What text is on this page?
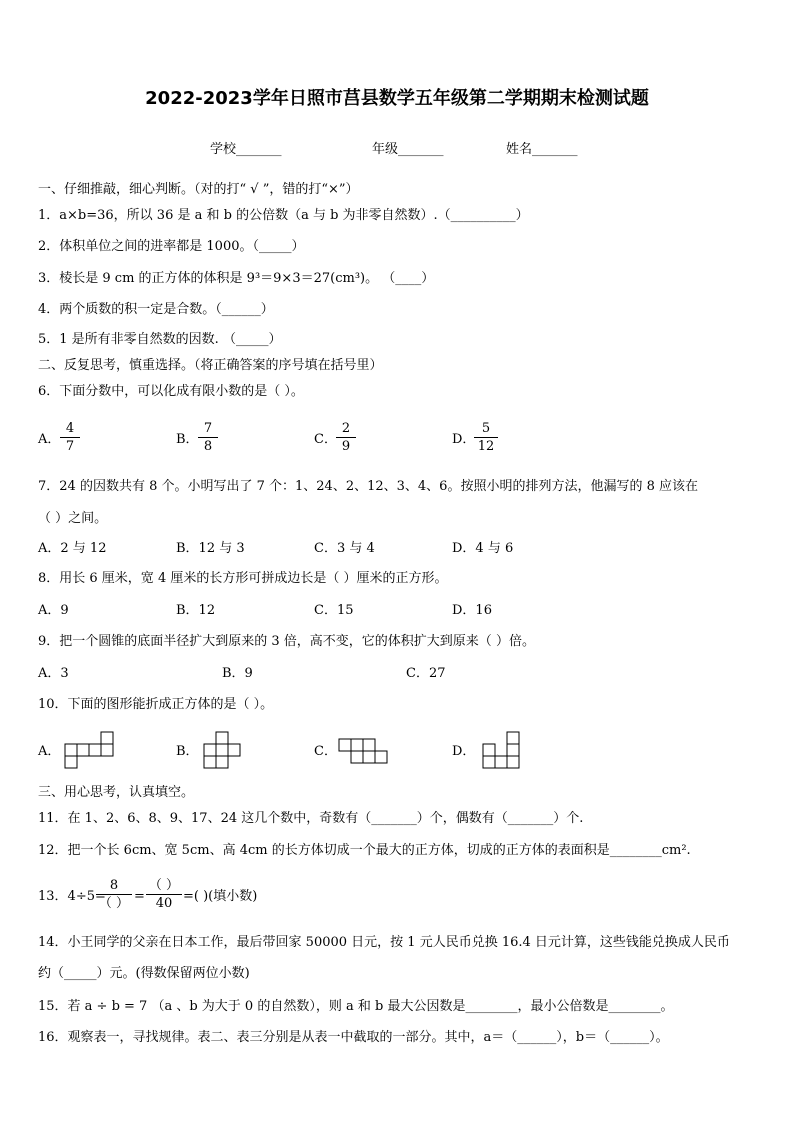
2022-2023学年日照市莒县数学五年级第二学期期末检测试题
学校_______	年级_______	姓名_______
一、仔细推敲，细心判断。（对的打“ √ ”，错的打“×”）
1．a×b=36，所以 36 是 a 和 b 的公倍数（a 与 b 为非零自然数）.（__________）
2．体积单位之间的进率都是 1000。（_____）
3．棱长是 9 cm 的正方体的体积是 9³＝9×3＝27(cm³)。 （____）
4．两个质数的积一定是合数。（______）
5．1 是所有非零自然数的因数. （_____）
二、反复思考，慎重选择。（将正确答案的序号填在括号里）
6．下面分数中，可以化成有限小数的是（ ）。
A．
4
7	B．
7
8	C．
2
9	D．
5
12
7．24 的因数共有 8 个。小明写出了 7 个：1、24、2、12、3、4、6。按照小明的排列方法，他漏写的 8 应该在
（ ）之间。
A．2 与 12	B．12 与 3	C．3 与 4	D．4 与 6
8．用长 6 厘米，宽 4 厘米的长方形可拼成边长是（ ）厘米的正方形。
A．9	B．12	C．15	D．16
9．把一个圆锥的底面半径扩大到原来的 3 倍，高不变，它的体积扩大到原来（ ）倍。
A．3	B．9	C．27
10．下面的图形能折成正方体的是（ ）。
A．	B．	C．	D．
三、用心思考，认真填空。
11．在 1、2、6、8、9、17、24 这几个数中，奇数有（_______）个，偶数有（_______）个.
12．把一个长 6cm、宽 5cm、高 4cm 的长方体切成一个最大的正方体，切成的正方体的表面积是________cm².
13．4÷5=
8
（ ） =
（ ）
40 =( )(填小数)
14．小王同学的父亲在日本工作，最后带回家 50000 日元，按 1 元人民币兑换 16.4 日元计算，这些钱能兑换成人民币
约（_____）元。(得数保留两位小数)
15．若 a ÷ b = 7 （a 、b 为大于 0 的自然数），则 a 和 b 最大公因数是________，最小公倍数是________。
16．观察表一，寻找规律。表二、表三分别是从表一中截取的一部分。其中，a＝（______），b＝（______）。
